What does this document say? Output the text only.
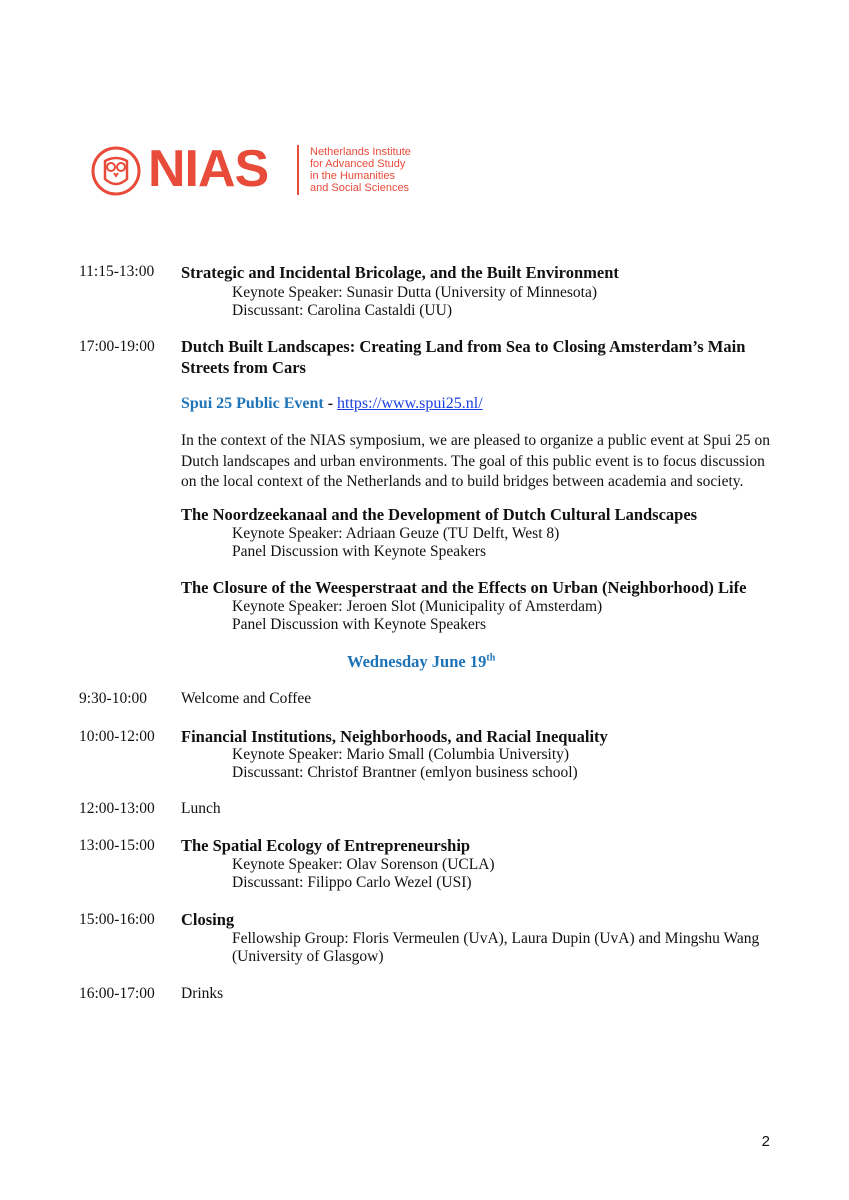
NIAS	Netherlands Institute
for Advanced Study
in the Humanities
and Social Sciences
11:15-13:00 Strategic and Incidental Bricolage, and the Built Environment
Keynote Speaker: Sunasir Dutta (University of Minnesota)
Discussant: Carolina Castaldi (UU)
17:00-19:00 Dutch Built Landscapes: Creating Land from Sea to Closing Amsterdam’s Main
Streets from Cars
Spui 25 Public Event - https://www.spui25.nl/
In the context of the NIAS symposium, we are pleased to organize a public event at Spui 25 on Dutch landscapes and urban environments. The goal of this public event is to focus discussion on the local context of the Netherlands and to build bridges between academia and society.
The Noordzeekanaal and the Development of Dutch Cultural Landscapes
Keynote Speaker: Adriaan Geuze (TU Delft, West 8)
Panel Discussion with Keynote Speakers
The Closure of the Weesperstraat and the Effects on Urban (Neighborhood) Life
Keynote Speaker: Jeroen Slot (Municipality of Amsterdam)
Panel Discussion with Keynote Speakers
Wednesday June 19th
9:30-10:00 Welcome and Coffee
10:00-12:00 Financial Institutions, Neighborhoods, and Racial Inequality
Keynote Speaker: Mario Small (Columbia University)
Discussant: Christof Brantner (emlyon business school)
12:00-13:00 Lunch
13:00-15:00 The Spatial Ecology of Entrepreneurship
Keynote Speaker: Olav Sorenson (UCLA)
Discussant: Filippo Carlo Wezel (USI)
15:00-16:00 Closing
Fellowship Group: Floris Vermeulen (UvA), Laura Dupin (UvA) and Mingshu Wang
(University of Glasgow)
16:00-17:00 Drinks
2
